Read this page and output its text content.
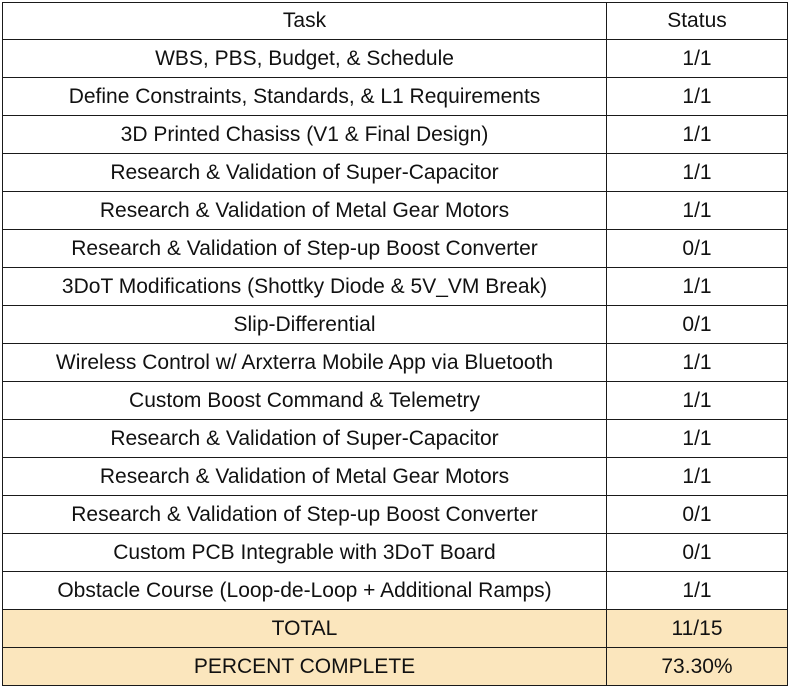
Task	Status
WBS, PBS, Budget, & Schedule	1/1
Define Constraints, Standards, & L1 Requirements	1/1
3D Printed Chasiss (V1 & Final Design)	1/1
Research & Validation of Super-Capacitor	1/1
Research & Validation of Metal Gear Motors	1/1
Research & Validation of Step-up Boost Converter	0/1
3DoT Modifications (Shottky Diode & 5V_VM Break)	1/1
Slip-Differential	0/1
Wireless Control w/ Arxterra Mobile App via Bluetooth	1/1
Custom Boost Command & Telemetry	1/1
Research & Validation of Super-Capacitor	1/1
Research & Validation of Metal Gear Motors	1/1
Research & Validation of Step-up Boost Converter	0/1
Custom PCB Integrable with 3DoT Board	0/1
Obstacle Course (Loop-de-Loop + Additional Ramps)	1/1
TOTAL	11/15
PERCENT COMPLETE	73.30%
